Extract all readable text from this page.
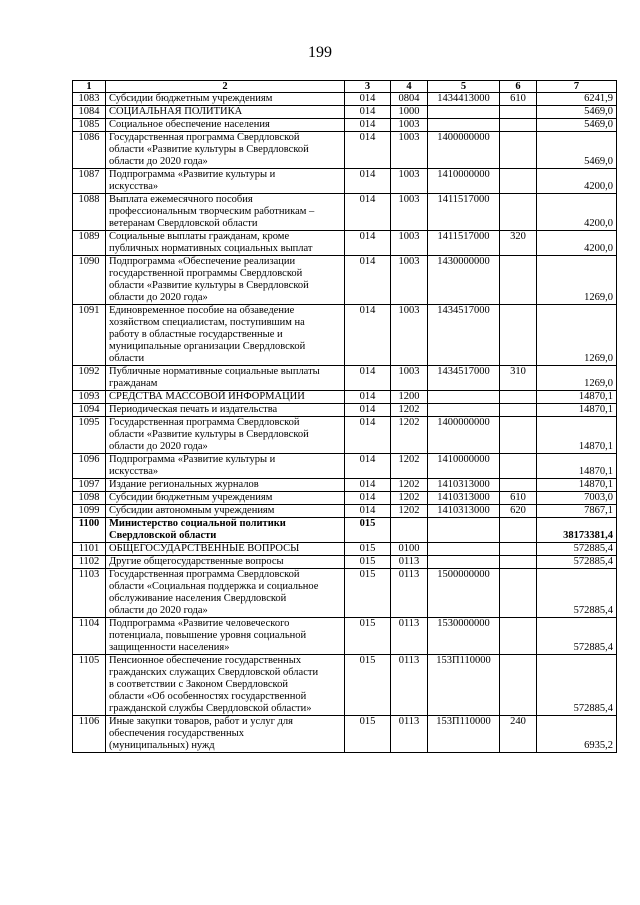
199
1	2	3	4	5	6	7
1083	Субсидии бюджетным учреждениям	014	0804	1434413000	610	6241,9
1084	СОЦИАЛЬНАЯ ПОЛИТИКА	014	1000			5469,0
1085	Социальное обеспечение населения	014	1003			5469,0
1086	Государственная программа Свердловской
области «Развитие культуры в Свердловской
области до 2020 года»	014	1003	1400000000		5469,0
1087	Подпрограмма «Развитие культуры и
искусства»	014	1003	1410000000		4200,0
1088	Выплата ежемесячного пособия
профессиональным творческим работникам –
ветеранам Свердловской области	014	1003	1411517000		4200,0
1089	Социальные выплаты гражданам, кроме
публичных нормативных социальных выплат	014	1003	1411517000	320	4200,0
1090	Подпрограмма «Обеспечение реализации
государственной программы Свердловской
области «Развитие культуры в Свердловской
области до 2020 года»	014	1003	1430000000		1269,0
1091	Единовременное пособие на обзаведение
хозяйством специалистам, поступившим на
работу в областные государственные и
муниципальные организации Свердловской
области	014	1003	1434517000		1269,0
1092	Публичные нормативные социальные выплаты
гражданам	014	1003	1434517000	310	1269,0
1093	СРЕДСТВА МАССОВОЙ ИНФОРМАЦИИ	014	1200			14870,1
1094	Периодическая печать и издательства	014	1202			14870,1
1095	Государственная программа Свердловской
области «Развитие культуры в Свердловской
области до 2020 года»	014	1202	1400000000		14870,1
1096	Подпрограмма «Развитие культуры и
искусства»	014	1202	1410000000		14870,1
1097	Издание региональных журналов	014	1202	1410313000		14870,1
1098	Субсидии бюджетным учреждениям	014	1202	1410313000	610	7003,0
1099	Субсидии автономным учреждениям	014	1202	1410313000	620	7867,1
1100	Министерство социальной политики
Свердловской области	015				38173381,4
1101	ОБЩЕГОСУДАРСТВЕННЫЕ ВОПРОСЫ	015	0100			572885,4
1102	Другие общегосударственные вопросы	015	0113			572885,4
1103	Государственная программа Свердловской
области «Социальная поддержка и социальное
обслуживание населения Свердловской
области до 2020 года»	015	0113	1500000000		572885,4
1104	Подпрограмма «Развитие человеческого
потенциала, повышение уровня социальной
защищенности населения»	015	0113	1530000000		572885,4
1105	Пенсионное обеспечение государственных
гражданских служащих Свердловской области
в соответствии с Законом Свердловской
области «Об особенностях государственной
гражданской службы Свердловской области»	015	0113	153П110000		572885,4
1106	Иные закупки товаров, работ и услуг для
обеспечения государственных
(муниципальных) нужд	015	0113	153П110000	240	6935,2
